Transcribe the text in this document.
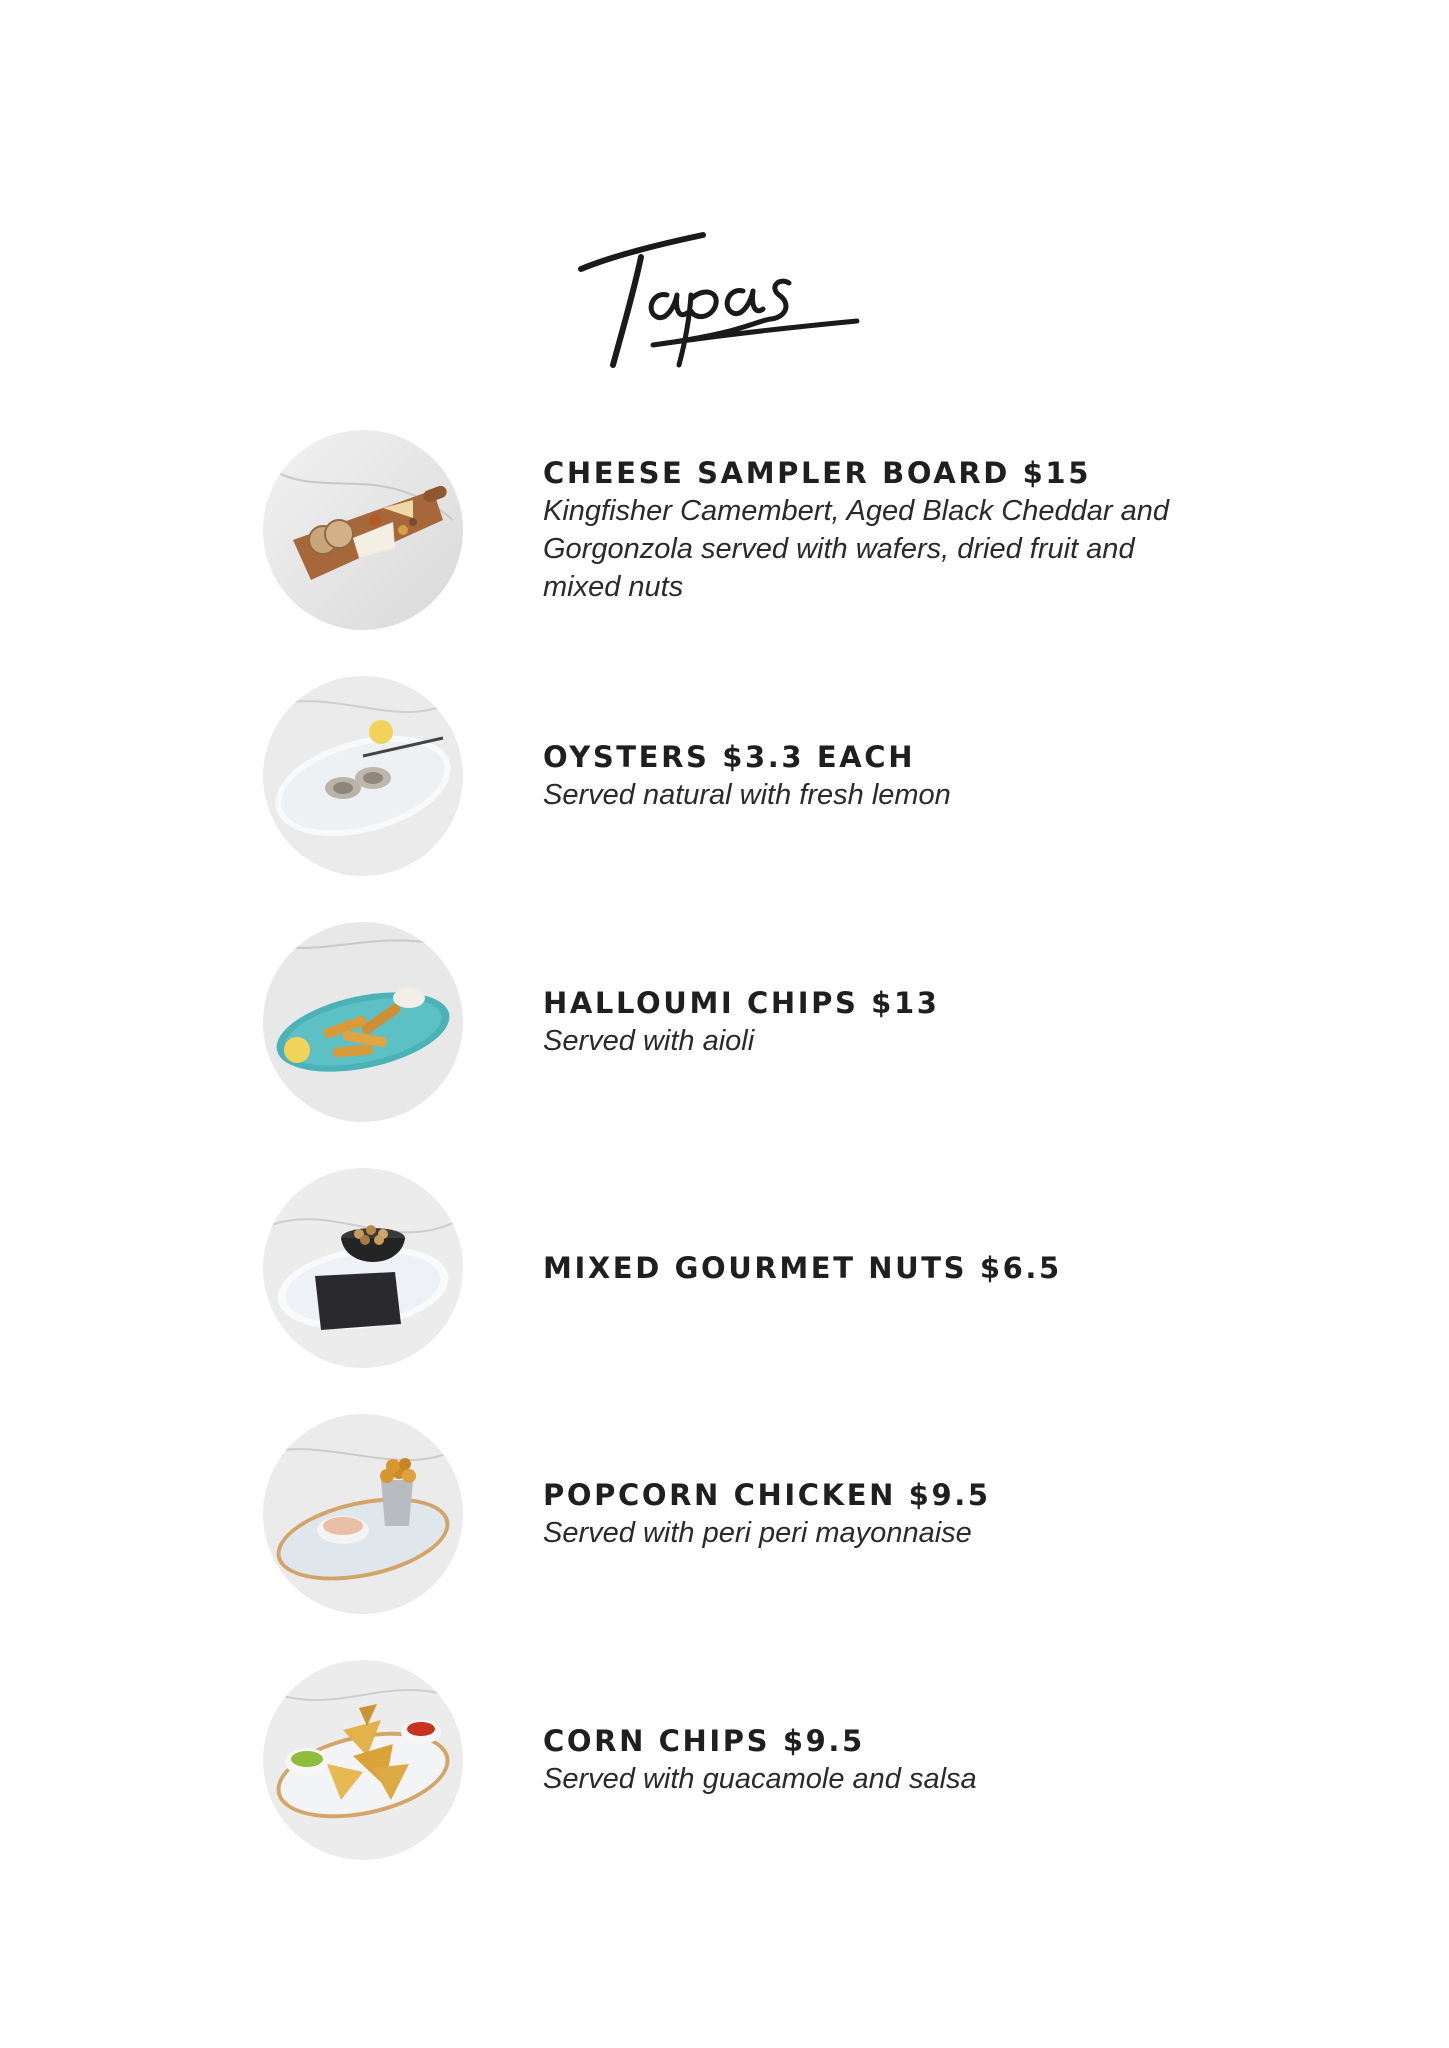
CHEESE SAMPLER BOARD $15
Kingfisher Camembert, Aged Black Cheddar and Gorgonzola served with wafers, dried fruit and mixed nuts
OYSTERS $3.3 EACH
Served natural with fresh lemon
HALLOUMI CHIPS $13
Served with aioli
MIXED GOURMET NUTS $6.5
POPCORN CHICKEN $9.5
Served with peri peri mayonnaise
CORN CHIPS $9.5
Served with guacamole and salsa
